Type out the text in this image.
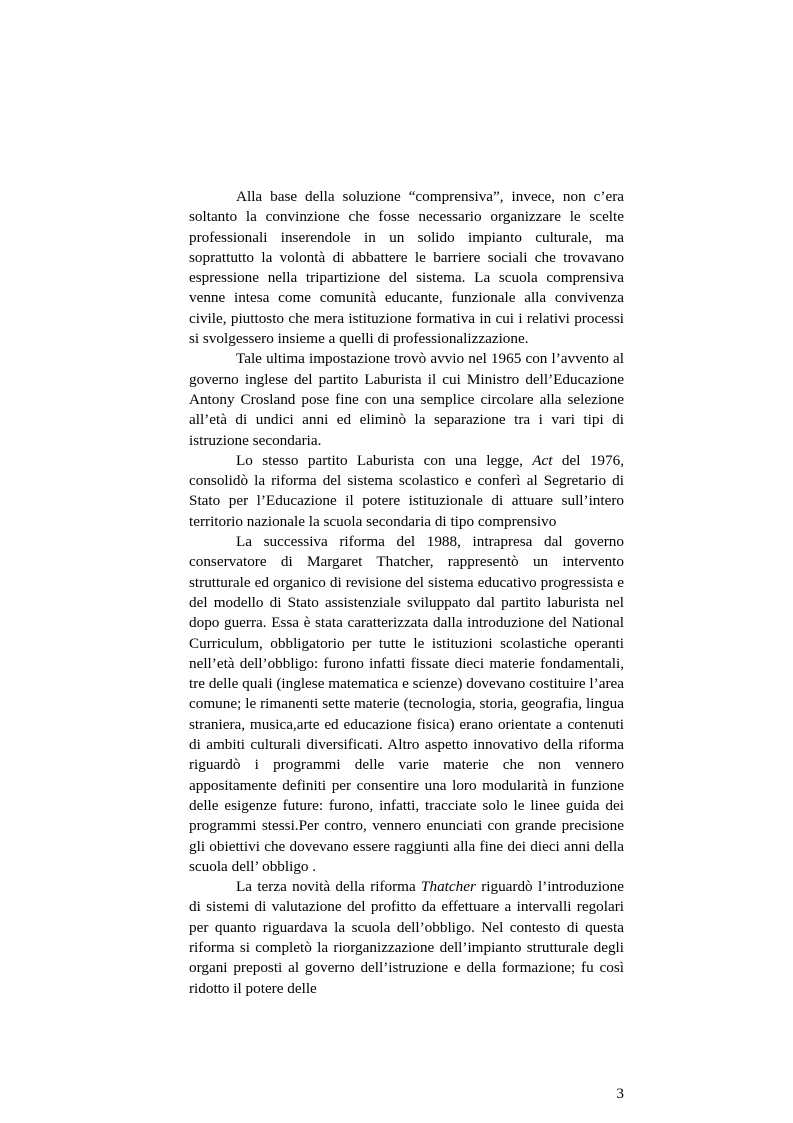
Alla base della soluzione “comprensiva”, invece, non c’era soltanto la convinzione che fosse necessario organizzare le scelte professionali inserendole in un solido impianto culturale, ma soprattutto la volontà di abbattere le barriere sociali che trovavano espressione nella tripartizione del sistema. La scuola comprensiva venne intesa come comunità educante, funzionale alla convivenza civile, piuttosto che mera istituzione formativa in cui i relativi processi si svolgessero insieme a quelli di professionalizzazione.

Tale ultima impostazione trovò avvio nel 1965 con l’avvento al governo inglese del partito Laburista il cui Ministro dell’Educazione Antony Crosland pose fine con una semplice circolare alla selezione all’età di undici anni ed eliminò la separazione tra i vari tipi di istruzione secondaria.

Lo stesso partito Laburista con una legge, Act del 1976, consolidò la riforma del sistema scolastico e conferì al Segretario di Stato per l’Educazione il potere istituzionale di attuare sull’intero territorio nazionale la scuola secondaria di tipo comprensivo

La successiva riforma del 1988, intrapresa dal governo conservatore di Margaret Thatcher, rappresentò un intervento strutturale ed organico di revisione del sistema educativo progressista e del modello di Stato assistenziale sviluppato dal partito laburista nel dopo guerra. Essa è stata caratterizzata dalla introduzione del National Curriculum, obbligatorio per tutte le istituzioni scolastiche operanti nell’età dell’obbligo: furono infatti fissate dieci materie fondamentali, tre delle quali (inglese matematica e scienze) dovevano costituire l’area comune; le rimanenti sette materie (tecnologia, storia, geografia, lingua straniera, musica,arte ed educazione fisica) erano orientate a contenuti di ambiti culturali diversificati. Altro aspetto innovativo della riforma riguardò i programmi delle varie materie che non vennero appositamente definiti per consentire una loro modularità in funzione delle esigenze future: furono, infatti, tracciate solo le linee guida dei programmi stessi.Per contro, vennero enunciati con grande precisione gli obiettivi che dovevano essere raggiunti alla fine dei dieci anni della scuola dell’ obbligo .

La terza novità della riforma Thatcher riguardò l’introduzione di sistemi di valutazione del profitto da effettuare a intervalli regolari per quanto riguardava la scuola dell’obbligo. Nel contesto di questa riforma si completò la riorganizzazione dell’impianto strutturale degli organi preposti al governo dell’istruzione e della formazione; fu così ridotto il potere delle

3
